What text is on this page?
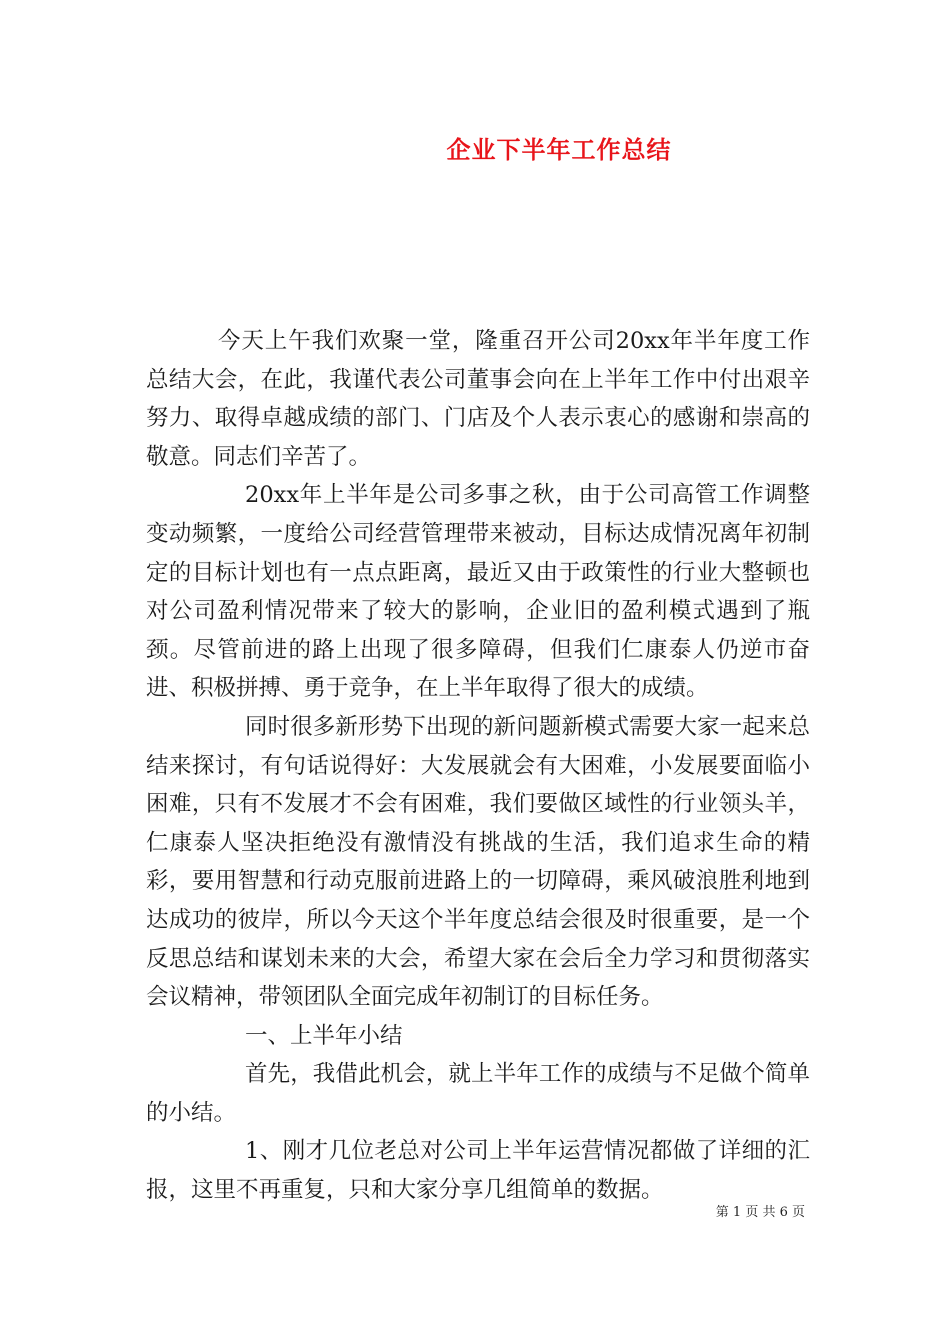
企业下半年工作总结

今天上午我们欢聚一堂，隆重召开公司20xx年半年度工作总结大会，在此，我谨代表公司董事会向在上半年工作中付出艰辛努力、取得卓越成绩的部门、门店及个人表示衷心的感谢和崇高的敬意。同志们辛苦了。

20xx年上半年是公司多事之秋，由于公司高管工作调整变动频繁，一度给公司经营管理带来被动，目标达成情况离年初制定的目标计划也有一点点距离，最近又由于政策性的行业大整顿也对公司盈利情况带来了较大的影响，企业旧的盈利模式遇到了瓶颈。尽管前进的路上出现了很多障碍，但我们仁康泰人仍逆市奋进、积极拼搏、勇于竞争，在上半年取得了很大的成绩。

同时很多新形势下出现的新问题新模式需要大家一起来总结来探讨，有句话说得好：大发展就会有大困难，小发展要面临小困难，只有不发展才不会有困难，我们要做区域性的行业领头羊，仁康泰人坚决拒绝没有激情没有挑战的生活，我们追求生命的精彩，要用智慧和行动克服前进路上的一切障碍，乘风破浪胜利地到达成功的彼岸，所以今天这个半年度总结会很及时很重要，是一个反思总结和谋划未来的大会，希望大家在会后全力学习和贯彻落实会议精神，带领团队全面完成年初制订的目标任务。

一、上半年小结

首先，我借此机会，就上半年工作的成绩与不足做个简单的小结。

1、刚才几位老总对公司上半年运营情况都做了详细的汇报，这里不再重复，只和大家分享几组简单的数据。

第 1 页 共 6 页
